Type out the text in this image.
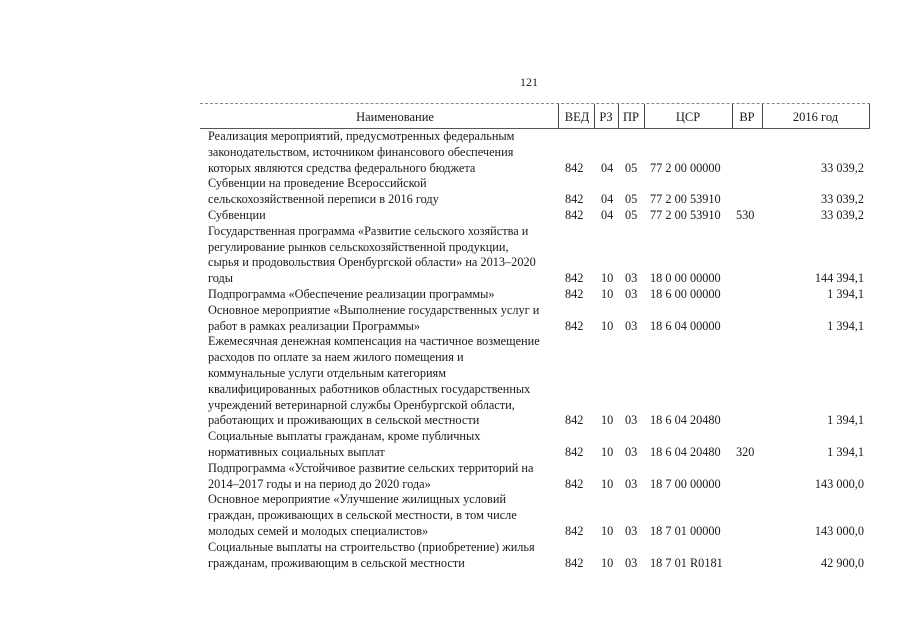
121
Наименование	ВЕД РЗ ПР	ЦСР	ВР	2016 год
Реализация мероприятий, предусмотренных федеральным
законодательством, источником финансового обеспечения
которых являются средства федерального бюджета	842 04 05 77 2 00 00000	33 039,2
Субвенции на проведение Всероссийской
сельскохозяйственной переписи в 2016 году	842 04 05 77 2 00 53910	33 039,2
Субвенции	842 04 05 77 2 00 53910 530	33 039,2
Государственная программа «Развитие сельского хозяйства и
регулирование рынков сельскохозяйственной продукции,
сырья и продовольствия Оренбургской области» на 2013–2020
годы	842 10 03 18 0 00 00000	144 394,1
Подпрограмма «Обеспечение реализации программы»	842 10 03 18 6 00 00000	1 394,1
Основное мероприятие «Выполнение государственных услуг и
работ в рамках реализации Программы»	842 10 03 18 6 04 00000	1 394,1
Ежемесячная денежная компенсация на частичное возмещение
расходов по оплате за наем жилого помещения и
коммунальные услуги отдельным категориям
квалифицированных работников областных государственных
учреждений ветеринарной службы Оренбургской области,
работающих и проживающих в сельской местности	842 10 03 18 6 04 20480	1 394,1
Социальные выплаты гражданам, кроме публичных
нормативных социальных выплат	842 10 03 18 6 04 20480 320	1 394,1
Подпрограмма «Устойчивое развитие сельских территорий на
2014–2017 годы и на период до 2020 года»	842 10 03 18 7 00 00000	143 000,0
Основное мероприятие «Улучшение жилищных условий
граждан, проживающих в сельской местности, в том числе
молодых семей и молодых специалистов»	842 10 03 18 7 01 00000	143 000,0
Социальные выплаты на строительство (приобретение) жилья
гражданам, проживающим в сельской местности	842 10 03 18 7 01 R0181	42 900,0
